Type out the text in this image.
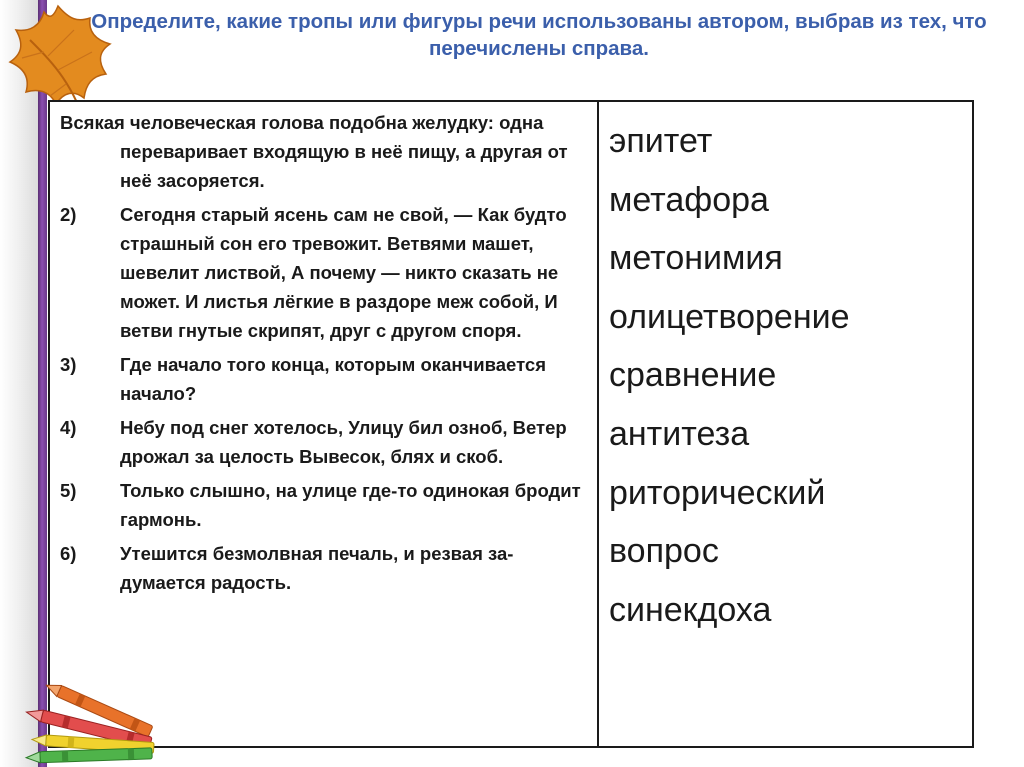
Определите, какие тропы или фигуры речи использованы автором, выбрав из тех, что перечислены справа.
Всякая человеческая голова подобна желудку: одна переваривает входящую в неё пищу, а другая от неё засоряется.
2)	Сегодня старый ясень сам не свой, — Как будто страшный сон его тревожит. Ветвями машет, шевелит листвой, А почему — никто сказать не может. И листья лёгкие в раздоре меж собой, И ветви гнутые скрипят, друг с другом споря.
3)	Где начало того конца, которым оканчивается начало?
4)	Небу под снег хотелось, Улицу бил озноб, Ветер дрожал за целость Вывесок, блях и скоб.
5)	Только слышно, на улице где-то одинокая бродит гармонь.
6)	Утешится безмолвная печаль, и резвая за-думается радость.
эпитет
метафора
метонимия
олицетворение
сравнение
антитеза
риторический
вопрос
синекдоха
